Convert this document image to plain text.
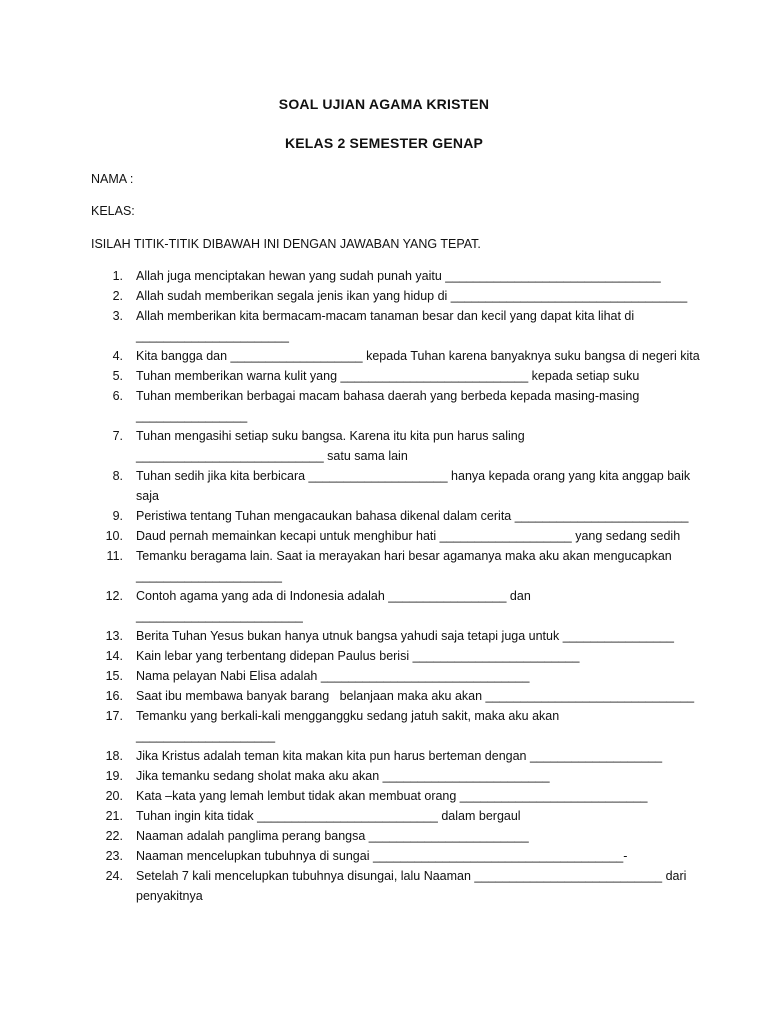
SOAL UJIAN AGAMA KRISTEN
KELAS 2 SEMESTER GENAP
NAMA :
KELAS:
ISILAH TITIK-TITIK DIBAWAH INI DENGAN JAWABAN YANG TEPAT.
1. Allah juga menciptakan hewan yang sudah punah yaitu _______________________________
2. Allah sudah memberikan segala jenis ikan yang hidup di __________________________________
3. Allah memberikan kita bermacam-macam tanaman besar dan kecil yang dapat kita lihat di ______________________
4. Kita bangga dan ___________________ kepada Tuhan karena banyaknya suku bangsa di negeri kita
5. Tuhan memberikan warna kulit yang ___________________________ kepada setiap suku
6. Tuhan memberikan berbagai macam bahasa daerah yang berbeda kepada masing-masing ________________
7. Tuhan mengasihi setiap suku bangsa. Karena itu kita pun harus saling ___________________________ satu sama lain
8. Tuhan sedih jika kita berbicara ____________________ hanya kepada orang yang kita anggap baik saja
9. Peristiwa tentang Tuhan mengacaukan bahasa dikenal dalam cerita _________________________
10. Daud pernah memainkan kecapi untuk menghibur hati ___________________ yang sedang sedih
11. Temanku beragama lain. Saat ia merayakan hari besar agamanya maka aku akan mengucapkan _____________________
12. Contoh agama yang ada di Indonesia adalah _________________ dan ________________________
13. Berita Tuhan Yesus bukan hanya utnuk bangsa yahudi saja tetapi juga untuk ________________
14. Kain lebar yang terbentang didepan Paulus berisi ________________________
15. Nama pelayan Nabi Elisa adalah ______________________________
16. Saat ibu membawa banyak barang   belanjaan maka aku akan ______________________________
17. Temanku yang berkali-kali mengganggku sedang jatuh sakit, maka aku akan ____________________
18. Jika Kristus adalah teman kita makan kita pun harus berteman dengan ___________________
19. Jika temanku sedang sholat maka aku akan ________________________
20. Kata –kata yang lemah lembut tidak akan membuat orang ___________________________
21. Tuhan ingin kita tidak __________________________ dalam bergaul
22. Naaman adalah panglima perang bangsa _______________________
23. Naaman mencelupkan tubuhnya di sungai ____________________________________-
24. Setelah 7 kali mencelupkan tubuhnya disungai, lalu Naaman ___________________________ dari penyakitnya
